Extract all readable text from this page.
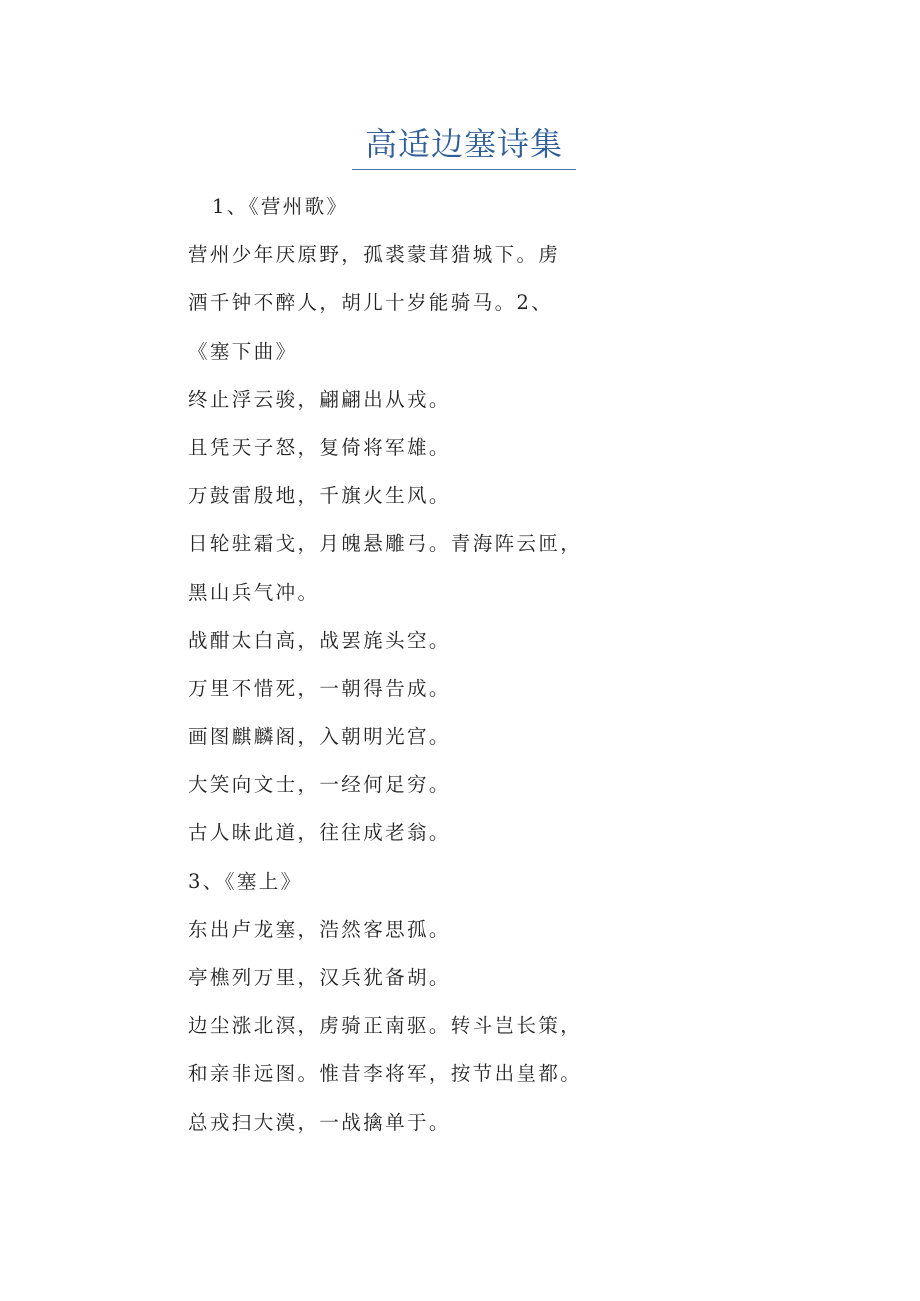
高适边塞诗集
1、《营州歌》
营州少年厌原野，孤裘蒙茸猎城下。虏
酒千钟不醉人，胡儿十岁能骑马。2、
《塞下曲》
终止浮云骏，翩翩出从戎。
且凭天子怒，复倚将军雄。
万鼓雷殷地，千旗火生风。
日轮驻霜戈，月魄悬雕弓。青海阵云匝，
黑山兵气冲。
战酣太白高，战罢旄头空。
万里不惜死，一朝得告成。
画图麒麟阁，入朝明光宫。
大笑向文士，一经何足穷。
古人昧此道，往往成老翁。
3、《塞上》
东出卢龙塞，浩然客思孤。
亭樵列万里，汉兵犹备胡。
边尘涨北溟，虏骑正南驱。转斗岂长策，
和亲非远图。惟昔李将军，按节出皇都。
总戎扫大漠，一战擒单于。
